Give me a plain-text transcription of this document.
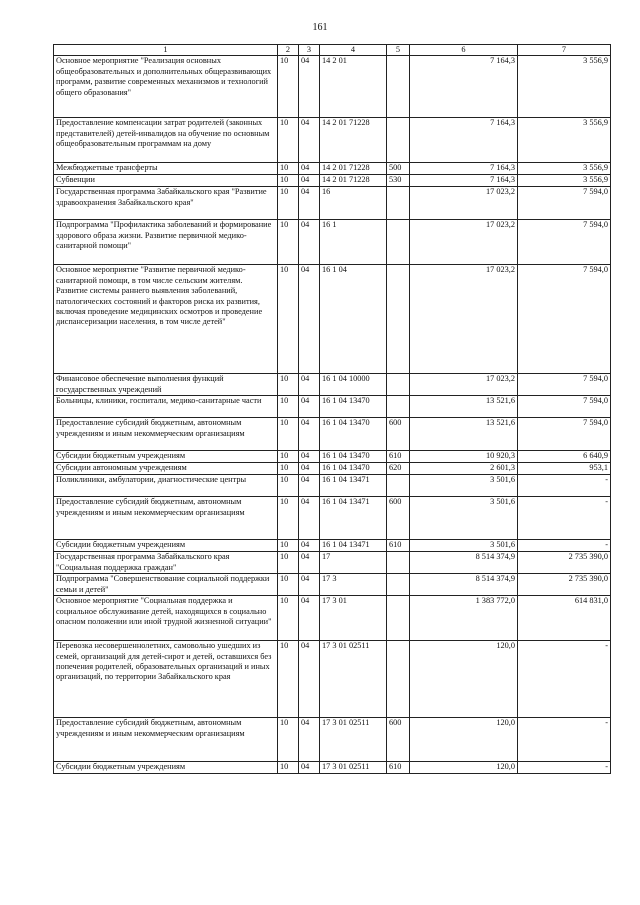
161
1	2	3	4	5	6	7
Основное мероприятие "Реализация основных общеобразовательных и дополнительных общеразвивающих программ, развитие современных механизмов и технологий общего образования"	10	04	14 2 01		7 164,3	3 556,9
Предоставление компенсации затрат родителей (законных представителей) детей-инвалидов на обучение по основным общеобразовательным программам на дому	10	04	14 2 01 71228		7 164,3	3 556,9
Межбюджетные трансферты	10	04	14 2 01 71228	500	7 164,3	3 556,9
Субвенции	10	04	14 2 01 71228	530	7 164,3	3 556,9
Государственная программа Забайкальского края "Развитие здравоохранения Забайкальского края"	10	04	16		17 023,2	7 594,0
Подпрограмма "Профилактика заболеваний и формирование здорового образа жизни. Развитие первичной медико-санитарной помощи"	10	04	16 1		17 023,2	7 594,0
Основное мероприятие "Развитие первичной медико-санитарной помощи, в том числе сельским жителям. Развитие системы раннего выявления заболеваний, патологических состояний и факторов риска их развития, включая проведение медицинских осмотров и проведение диспансеризации населения, в том числе детей"	10	04	16 1 04		17 023,2	7 594,0
Финансовое обеспечение выполнения функций государственных учреждений	10	04	16 1 04 10000		17 023,2	7 594,0
Больницы, клиники, госпитали, медико-санитарные части	10	04	16 1 04 13470		13 521,6	7 594,0
Предоставление субсидий бюджетным, автономным учреждениям и иным некоммерческим организациям	10	04	16 1 04 13470	600	13 521,6	7 594,0
Субсидии бюджетным учреждениям	10	04	16 1 04 13470	610	10 920,3	6 640,9
Субсидии автономным учреждениям	10	04	16 1 04 13470	620	2 601,3	953,1
Поликлиники, амбулатории, диагностические центры	10	04	16 1 04 13471		3 501,6	-
Предоставление субсидий бюджетным, автономным учреждениям и иным некоммерческим организациям	10	04	16 1 04 13471	600	3 501,6	-
Субсидии бюджетным учреждениям	10	04	16 1 04 13471	610	3 501,6	-
Государственная программа Забайкальского края "Социальная поддержка граждан"	10	04	17		8 514 374,9	2 735 390,0
Подпрограмма "Совершенствование социальной поддержки семьи и детей"	10	04	17 3		8 514 374,9	2 735 390,0
Основное мероприятие "Социальная поддержка и социальное обслуживание детей, находящихся в социально опасном положении или иной трудной жизненной ситуации"	10	04	17 3 01		1 383 772,0	614 831,0
Перевозка несовершеннолетних, самовольно ушедших из семей, организаций для детей-сирот и детей, оставшихся без попечения родителей, образовательных организаций и иных организаций, по территории Забайкальского края	10	04	17 3 01 02511		120,0	-
Предоставление субсидий бюджетным, автономным учреждениям и иным некоммерческим организациям	10	04	17 3 01 02511	600	120,0	-
Субсидии бюджетным учреждениям	10	04	17 3 01 02511	610	120,0	-
